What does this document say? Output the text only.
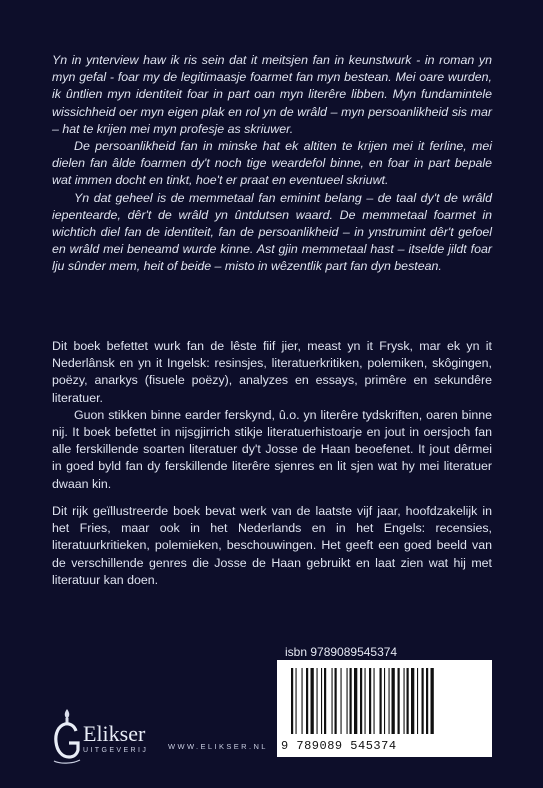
Yn in ynterview haw ik ris sein dat it meitsjen fan in keunstwurk - in roman yn myn gefal - foar my de legitimaasje foarmet fan myn bestean. Mei oare wurden, ik ûntlien myn identiteit foar in part oan myn literêre libben. Myn fundamintele wissichheid oer myn eigen plak en rol yn de wrâld – myn persoanlikheid sis mar – hat te krijen mei myn profesje as skriuwer.

De persoanlikheid fan in minske hat ek altiten te krijen mei it ferline, mei dielen fan âlde foarmen dy't noch tige weardefol binne, en foar in part bepale wat immen docht en tinkt, hoe't er praat en eventueel skriuwt.

Yn dat geheel is de memmetaal fan eminint belang – de taal dy't de wrâld iepentearde, dêr't de wrâld yn ûntdutsen waard. De memmetaal foarmet in wichtich diel fan de identiteit, fan de persoanlikheid – in ynstrumint dêr't gefoel en wrâld mei beneamd wurde kinne. Ast gjin memmetaal hast – itselde jildt foar lju sûnder mem, heit of beide – misto in wêzentlik part fan dyn bestean.

Dit boek befettet wurk fan de lêste fiif jier, meast yn it Frysk, mar ek yn it Nederlânsk en yn it Ingelsk: resinsjes, literatuerkritiken, polemiken, skôgingen, poëzy, anarkys (fisuele poëzy), analyzes en essays, primêre en sekundêre literatuer.

Guon stikken binne earder ferskynd, û.o. yn literêre tydskriften, oaren binne nij. It boek befettet in nijsgjirrich stikje literatuerhistoarje en jout in oersjoch fan alle ferskillende soarten literatuer dy't Josse de Haan beoefenet. It jout dêrmei in goed byld fan dy ferskillende literêre sjenres en lit sjen wat hy mei literatuer dwaan kin.

Dit rijk geïllustreerde boek bevat werk van de laatste vijf jaar, hoofdzakelijk in het Fries, maar ook in het Nederlands en in het Engels: recensies, literatuurkritieken, polemieken, beschouwingen. Het geeft een goed beeld van de verschillende genres die Josse de Haan gebruikt en laat zien wat hij met literatuur kan doen.

isbn 9789089545374
9 789089 545374
Elikser
UITGEVERIJ	WWW.ELIKSER.NL
